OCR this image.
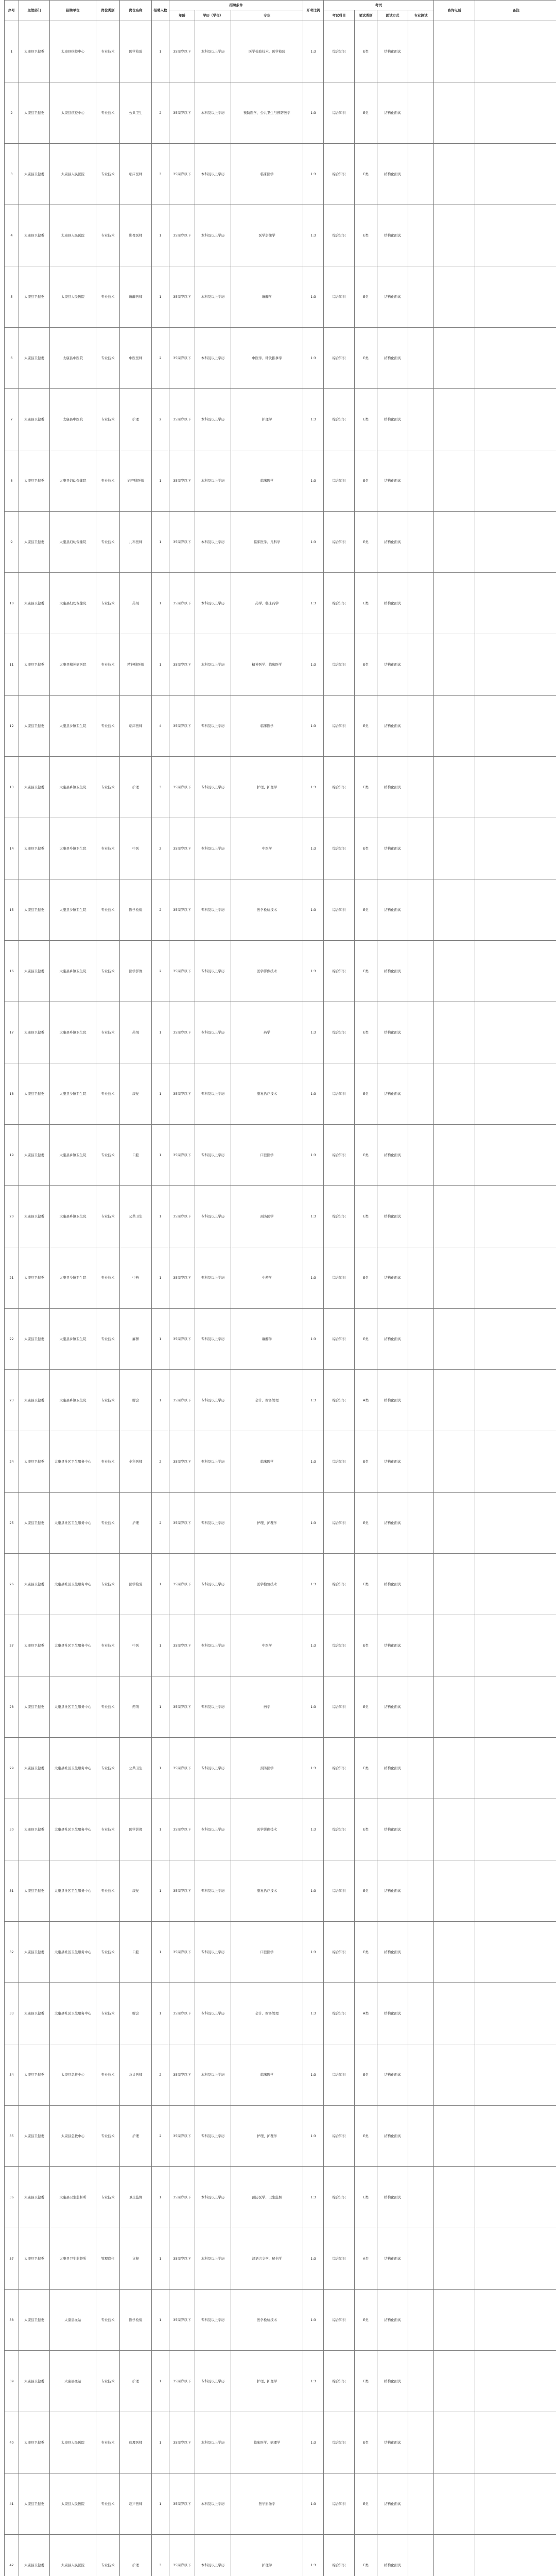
序号	主管部门	招聘单位	岗位类别	岗位名称	招聘人数	招聘条件			开考比例	考试				咨询电话	备注
						年龄	学历（学位）	专业		考试科目	笔试类别	面试方式	专业测试		
1	太康县卫健委	太康县疾控中心	专业技术	医学检验	1	35周岁以下	本科及以上学历	医学检验技术、医学检验	1:3	综合知识	E类	结构化面试			
2	太康县卫健委	太康县疾控中心	专业技术	公共卫生	2	35周岁以下	本科及以上学历	预防医学、公共卫生与预防医学	1:3	综合知识	E类	结构化面试			
3	太康县卫健委	太康县人民医院	专业技术	临床医师	3	35周岁以下	本科及以上学历	临床医学	1:3	综合知识	E类	结构化面试			
4	太康县卫健委	太康县人民医院	专业技术	影像医师	1	35周岁以下	本科及以上学历	医学影像学	1:3	综合知识	E类	结构化面试			
5	太康县卫健委	太康县人民医院	专业技术	麻醉医师	1	35周岁以下	本科及以上学历	麻醉学	1:3	综合知识	E类	结构化面试			
6	太康县卫健委	太康县中医院	专业技术	中医医师	2	35周岁以下	本科及以上学历	中医学、针灸推拿学	1:3	综合知识	E类	结构化面试			
7	太康县卫健委	太康县中医院	专业技术	护理	2	35周岁以下	本科及以上学历	护理学	1:3	综合知识	E类	结构化面试			
8	太康县卫健委	太康县妇幼保健院	专业技术	妇产科医师	1	35周岁以下	本科及以上学历	临床医学	1:3	综合知识	E类	结构化面试			
9	太康县卫健委	太康县妇幼保健院	专业技术	儿科医师	1	35周岁以下	本科及以上学历	临床医学、儿科学	1:3	综合知识	E类	结构化面试			
10	太康县卫健委	太康县妇幼保健院	专业技术	药剂	1	35周岁以下	本科及以上学历	药学、临床药学	1:3	综合知识	E类	结构化面试			
11	太康县卫健委	太康县精神病医院	专业技术	精神科医师	1	35周岁以下	本科及以上学历	精神医学、临床医学	1:3	综合知识	E类	结构化面试			
12	太康县卫健委	太康县乡镇卫生院	专业技术	临床医师	4	35周岁以下	专科及以上学历	临床医学	1:3	综合知识	E类	结构化面试			
13	太康县卫健委	太康县乡镇卫生院	专业技术	护理	3	35周岁以下	专科及以上学历	护理、护理学	1:3	综合知识	E类	结构化面试			
14	太康县卫健委	太康县乡镇卫生院	专业技术	中医	2	35周岁以下	专科及以上学历	中医学	1:3	综合知识	E类	结构化面试			
15	太康县卫健委	太康县乡镇卫生院	专业技术	医学检验	2	35周岁以下	专科及以上学历	医学检验技术	1:3	综合知识	E类	结构化面试			
16	太康县卫健委	太康县乡镇卫生院	专业技术	医学影像	2	35周岁以下	专科及以上学历	医学影像技术	1:3	综合知识	E类	结构化面试			
17	太康县卫健委	太康县乡镇卫生院	专业技术	药剂	1	35周岁以下	专科及以上学历	药学	1:3	综合知识	E类	结构化面试			
18	太康县卫健委	太康县乡镇卫生院	专业技术	康复	1	35周岁以下	专科及以上学历	康复治疗技术	1:3	综合知识	E类	结构化面试			
19	太康县卫健委	太康县乡镇卫生院	专业技术	口腔	1	35周岁以下	专科及以上学历	口腔医学	1:3	综合知识	E类	结构化面试			
20	太康县卫健委	太康县乡镇卫生院	专业技术	公共卫生	1	35周岁以下	专科及以上学历	预防医学	1:3	综合知识	E类	结构化面试			
21	太康县卫健委	太康县乡镇卫生院	专业技术	中药	1	35周岁以下	专科及以上学历	中药学	1:3	综合知识	E类	结构化面试			
22	太康县卫健委	太康县乡镇卫生院	专业技术	麻醉	1	35周岁以下	专科及以上学历	麻醉学	1:3	综合知识	E类	结构化面试			
23	太康县卫健委	太康县乡镇卫生院	专业技术	财会	1	35周岁以下	专科及以上学历	会计、财务管理	1:3	综合知识	A类	结构化面试			
24	太康县卫健委	太康县社区卫生服务中心	专业技术	全科医师	2	35周岁以下	专科及以上学历	临床医学	1:3	综合知识	E类	结构化面试			
25	太康县卫健委	太康县社区卫生服务中心	专业技术	护理	2	35周岁以下	专科及以上学历	护理、护理学	1:3	综合知识	E类	结构化面试			
26	太康县卫健委	太康县社区卫生服务中心	专业技术	医学检验	1	35周岁以下	专科及以上学历	医学检验技术	1:3	综合知识	E类	结构化面试			
27	太康县卫健委	太康县社区卫生服务中心	专业技术	中医	1	35周岁以下	专科及以上学历	中医学	1:3	综合知识	E类	结构化面试			
28	太康县卫健委	太康县社区卫生服务中心	专业技术	药剂	1	35周岁以下	专科及以上学历	药学	1:3	综合知识	E类	结构化面试			
29	太康县卫健委	太康县社区卫生服务中心	专业技术	公共卫生	1	35周岁以下	专科及以上学历	预防医学	1:3	综合知识	E类	结构化面试			
30	太康县卫健委	太康县社区卫生服务中心	专业技术	医学影像	1	35周岁以下	专科及以上学历	医学影像技术	1:3	综合知识	E类	结构化面试			
31	太康县卫健委	太康县社区卫生服务中心	专业技术	康复	1	35周岁以下	专科及以上学历	康复治疗技术	1:3	综合知识	E类	结构化面试			
32	太康县卫健委	太康县社区卫生服务中心	专业技术	口腔	1	35周岁以下	专科及以上学历	口腔医学	1:3	综合知识	E类	结构化面试			
33	太康县卫健委	太康县社区卫生服务中心	专业技术	财会	1	35周岁以下	专科及以上学历	会计、财务管理	1:3	综合知识	A类	结构化面试			
34	太康县卫健委	太康县急救中心	专业技术	急诊医师	2	35周岁以下	本科及以上学历	临床医学	1:3	综合知识	E类	结构化面试			
35	太康县卫健委	太康县急救中心	专业技术	护理	2	35周岁以下	专科及以上学历	护理、护理学	1:3	综合知识	E类	结构化面试			
36	太康县卫健委	太康县卫生监督所	专业技术	卫生监督	1	35周岁以下	本科及以上学历	预防医学、卫生监督	1:3	综合知识	E类	结构化面试			
37	太康县卫健委	太康县卫生监督所	管理岗位	文秘	1	35周岁以下	本科及以上学历	汉语言文学、秘书学	1:3	综合知识	A类	结构化面试			
38	太康县卫健委	太康县血站	专业技术	医学检验	1	35周岁以下	专科及以上学历	医学检验技术	1:3	综合知识	E类	结构化面试			
39	太康县卫健委	太康县血站	专业技术	护理	1	35周岁以下	专科及以上学历	护理、护理学	1:3	综合知识	E类	结构化面试			
40	太康县卫健委	太康县人民医院	专业技术	病理医师	1	35周岁以下	本科及以上学历	临床医学、病理学	1:3	综合知识	E类	结构化面试			
41	太康县卫健委	太康县人民医院	专业技术	超声医师	1	35周岁以下	本科及以上学历	医学影像学	1:3	综合知识	E类	结构化面试			
42	太康县卫健委	太康县人民医院	专业技术	护理	3	35周岁以下	本科及以上学历	护理学	1:3	综合知识	E类	结构化面试			
